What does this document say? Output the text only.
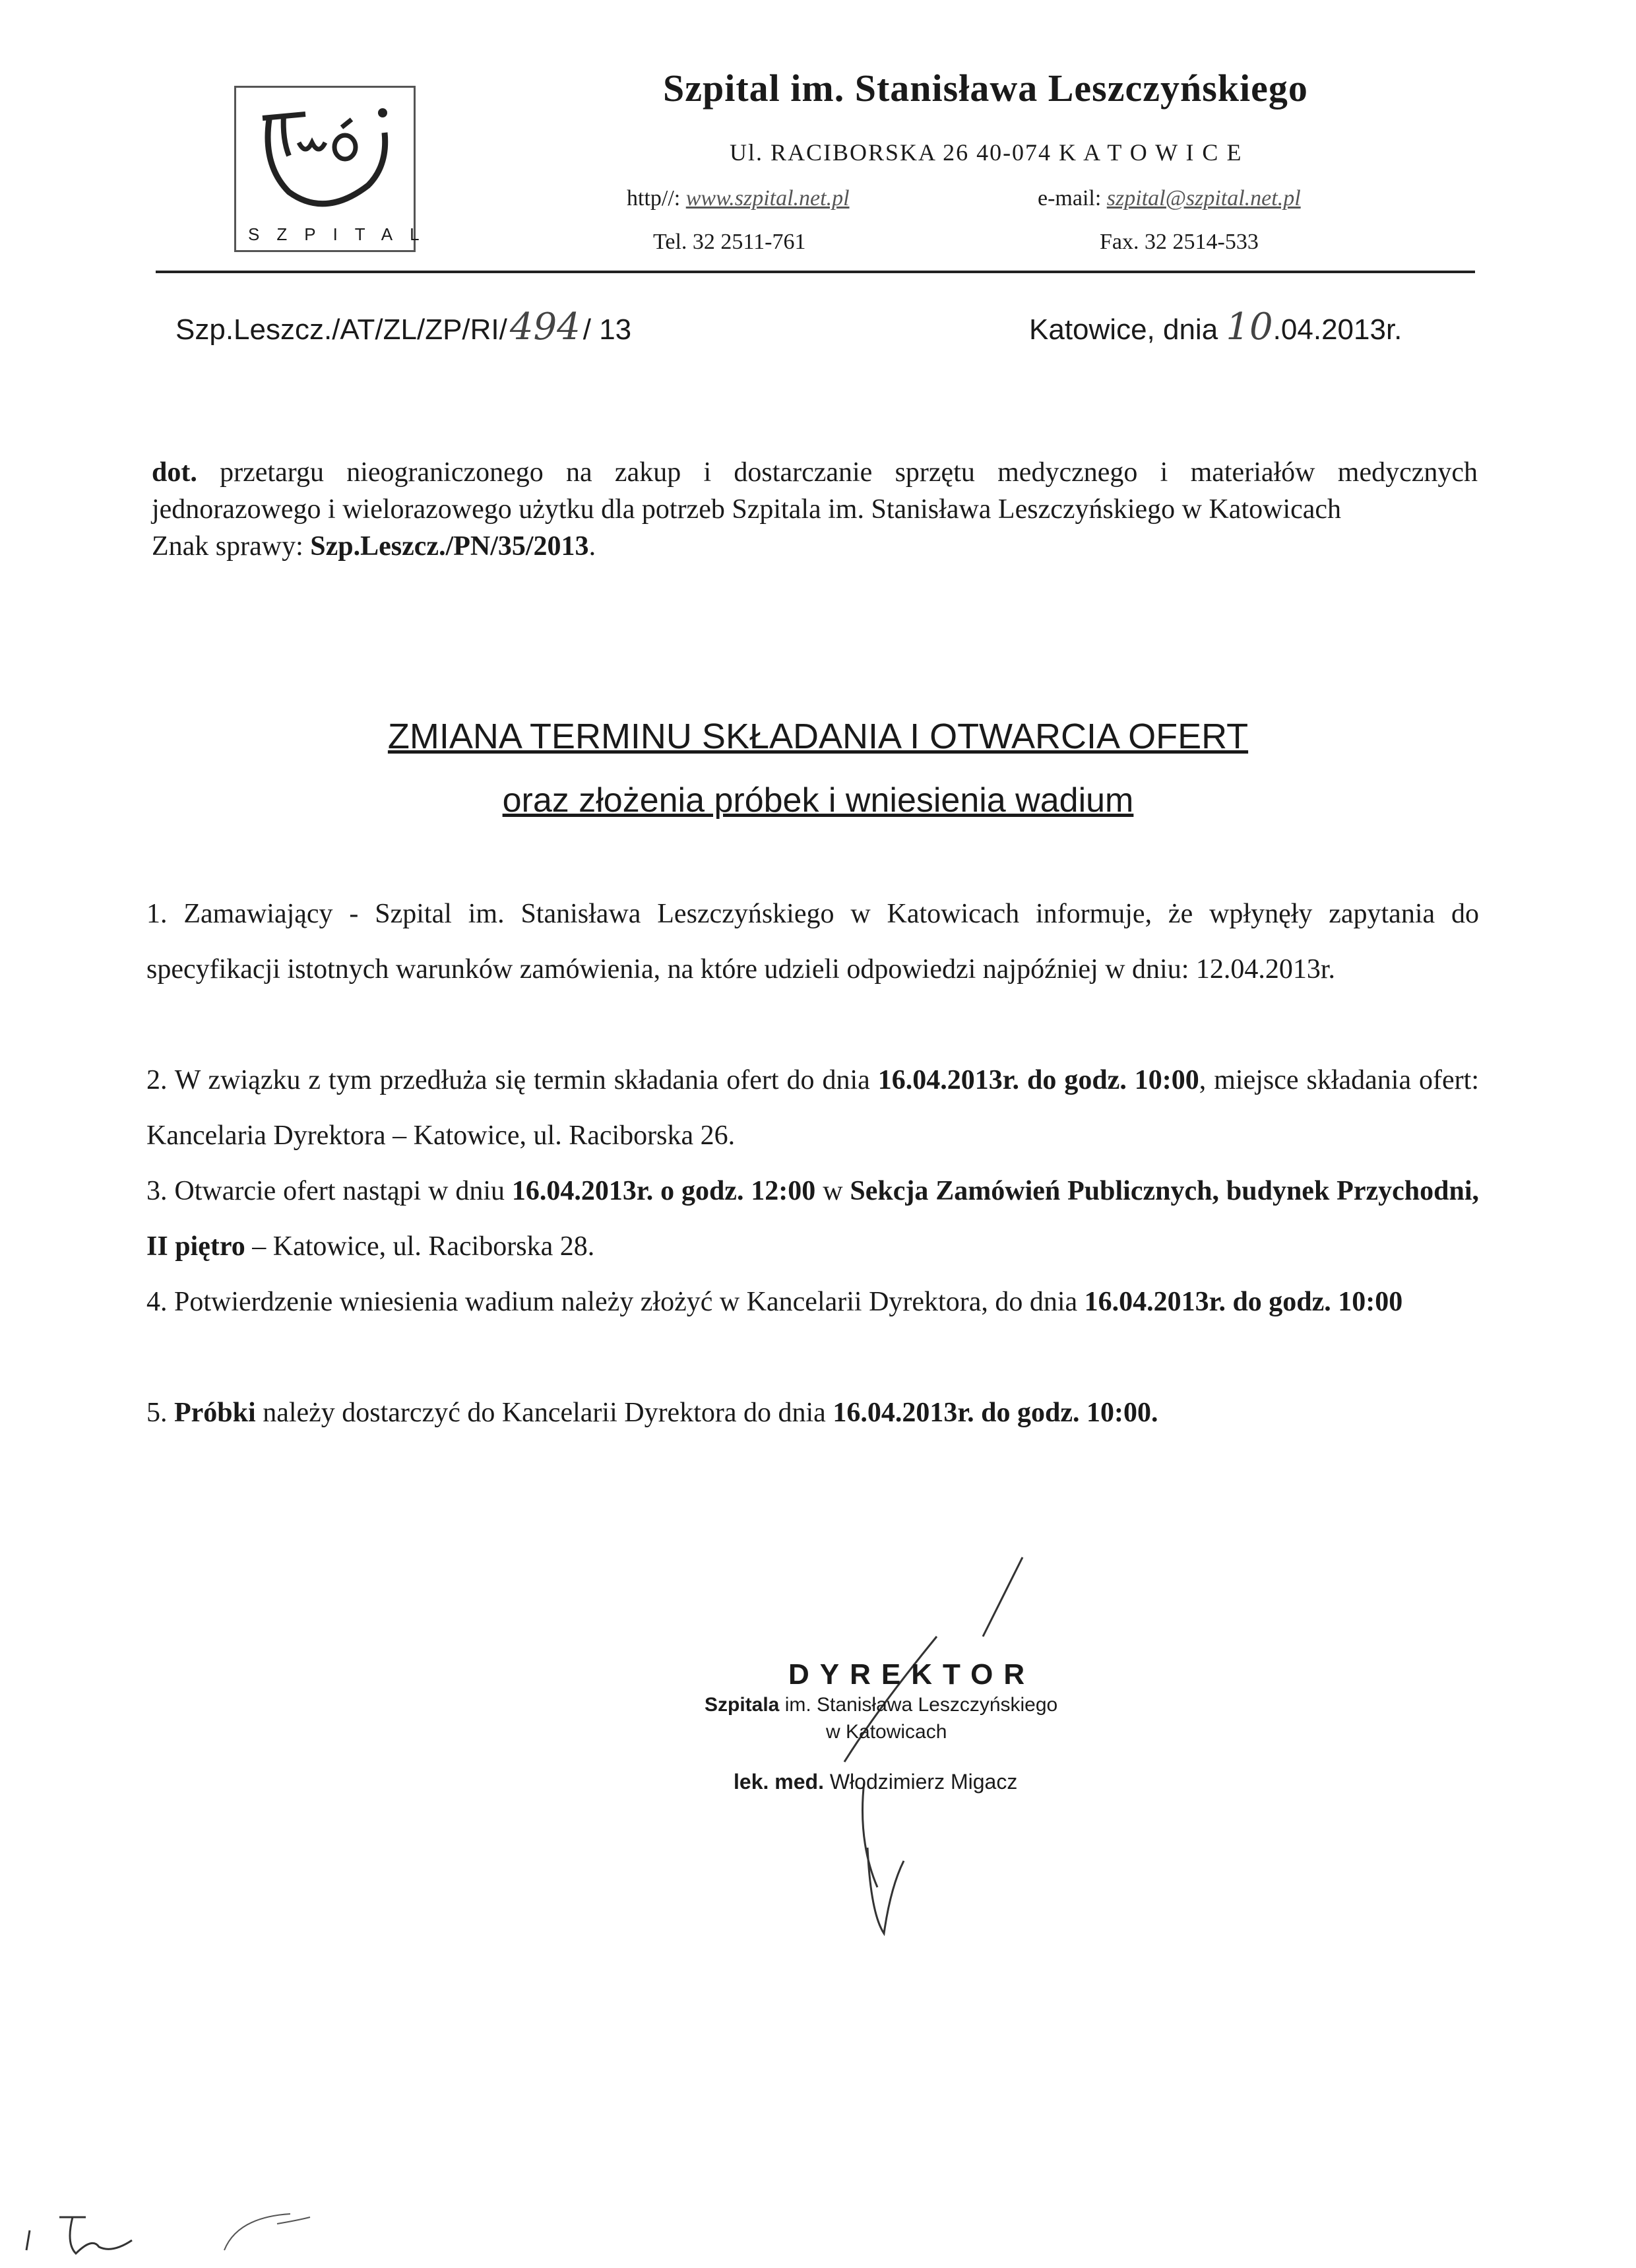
SZPITAL
Szpital im. Stanisława Leszczyńskiego
Ul. RACIBORSKA 26 40-074 K A T O W I C E
http//: www.szpital.net.pl	e-mail: szpital@szpital.net.pl
Tel. 32 2511-761	Fax. 32 2514-533
Szp.Leszcz./AT/ZL/ZP/RI/494/ 13	Katowice, dnia 10.04.2013r.
dot. przetargu nieograniczonego na zakup i dostarczanie sprzętu medycznego i materiałów medycznych jednorazowego i wielorazowego użytku dla potrzeb Szpitala im. Stanisława Leszczyńskiego w Katowicach
Znak sprawy: Szp.Leszcz./PN/35/2013.
ZMIANA TERMINU SKŁADANIA I OTWARCIA OFERT
oraz złożenia próbek i wniesienia wadium
1. Zamawiający - Szpital im. Stanisława Leszczyńskiego w Katowicach informuje, że wpłynęły zapytania do specyfikacji istotnych warunków zamówienia, na które udzieli odpowiedzi najpóźniej w dniu: 12.04.2013r.
2. W związku z tym przedłuża się termin składania ofert do dnia 16.04.2013r. do godz. 10:00, miejsce składania ofert: Kancelaria Dyrektora – Katowice, ul. Raciborska 26.
3. Otwarcie ofert nastąpi w dniu 16.04.2013r. o godz. 12:00 w Sekcja Zamówień Publicznych, budynek Przychodni, II piętro – Katowice, ul. Raciborska 28.
4. Potwierdzenie wniesienia wadium należy złożyć w Kancelarii Dyrektora, do dnia 16.04.2013r. do godz. 10:00
5. Próbki należy dostarczyć do Kancelarii Dyrektora do dnia 16.04.2013r. do godz. 10:00.
DYREKTOR
Szpitala im. Stanisława Leszczyńskiego
w Katowicach
lek. med. Włodzimierz Migacz
